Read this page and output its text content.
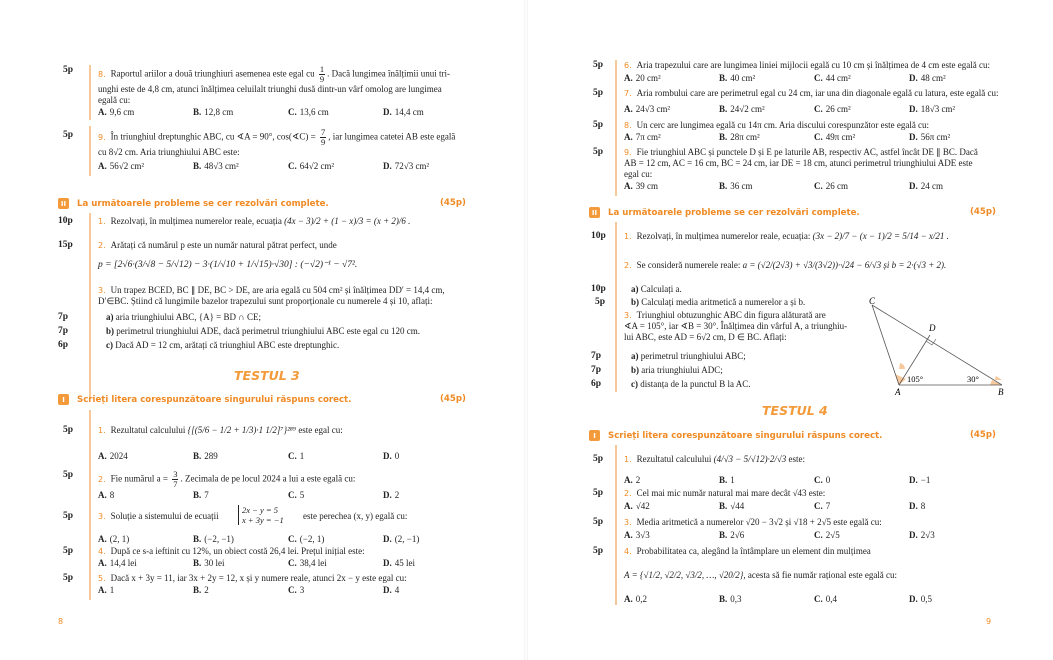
5p	8. Raportul ariilor a două triunghiuri asemenea este egal cu $\frac{1}{9}$ . Dacă lungimea înălțimii unui tri-
unghi este de 4,8 cm, atunci înălțimea celuilalt triunghi dusă dintr-un vârf omolog are lungimea
egală cu:
A. 9,6 cm	B. 12,8 cm	C. 13,6 cm	D. 14,4 cm
5p	9. În triunghiul dreptunghic ABC, cu ∢A = 90°, cos(∢C) = $\frac{7}{9}$ , iar lungimea catetei AB este egală
cu 8√2 cm. Aria triunghiului ABC este:
A. 56√2 cm²	B. 48√3 cm²	C. 64√2 cm²	D. 72√3 cm²
II	La următoarele probleme se cer rezolvări complete.	(45p)
10p	1. Rezolvați, în mulțimea numerelor reale, ecuația (4x − 3)/2 + (1 − x)/3 = (x + 2)/6 .
15p	2. Arătați că numărul p este un număr natural pătrat perfect, unde
p = [2√6·(3/√8 − 5/√12) − 3·(1/√10 + 1/√15)·√30] : (−√2)⁻¹ − √7².
3. Un trapez BCED, BC ∥ DE, BC > DE, are aria egală cu 504 cm² și înălțimea DD′ = 14,4 cm,
D′∈BC. Știind că lungimile bazelor trapezului sunt proporționale cu numerele 4 și 10, aflați:
7p	a) aria triunghiului ABC, {A} = BD ∩ CE;
7p	b) perimetrul triunghiului ADE, dacă perimetrul triunghiului ABC este egal cu 120 cm.
6p	c) Dacă AD = 12 cm, arătați că triunghiul ABC este dreptunghic.
TESTUL 3
I	Scrieți litera corespunzătoare singurului răspuns corect.	(45p)
5p	1. Rezultatul calculului {[(5/6 − 1/2 + 1/3)·1 1/2]⁷}²⁸⁹ este egal cu:
A. 2024	B. 289	C. 1	D. 0
5p	2. Fie numărul $a = \frac{3}{7}$ . Zecimala de pe locul 2024 a lui a este egală cu:
A. 8	B. 7	C. 5	D. 2
5p	3. Soluție a sistemului de ecuații
2x − y = 5
x + 3y = −1 este perechea (x, y) egală cu:
A. (2, 1)	B. (−2, −1)	C. (−2, 1)	D. (2, −1)
5p	4. După ce s-a ieftinit cu 12%, un obiect costă 26,4 lei. Prețul inițial este:
A. 14,4 lei	B. 30 lei	C. 38,4 lei	D. 45 lei
5p	5. Dacă x + 3y = 11, iar 3x + 2y = 12, x și y numere reale, atunci 2x − y este egal cu:
A. 1	B. 2	C. 3	D. 4
8
5p	6. Aria trapezului care are lungimea liniei mijlocii egală cu 10 cm și înălțimea de 4 cm este egală cu:
A. 20 cm²	B. 40 cm²	C. 44 cm²	D. 48 cm²
5p	7. Aria rombului care are perimetrul egal cu 24 cm, iar una din diagonale egală cu latura, este egală cu:
A. 24√3 cm²	B. 24√2 cm²	C. 26 cm²	D. 18√3 cm²
5p	8. Un cerc are lungimea egală cu 14π cm. Aria discului corespunzător este egală cu:
A. 7π cm²	B. 28π cm²	C. 49π cm²	D. 56π cm²
5p	9. Fie triunghiul ABC și punctele D și E pe laturile AB, respectiv AC, astfel încât DE ∥ BC. Dacă
AB = 12 cm, AC = 16 cm, BC = 24 cm, iar DE = 18 cm, atunci perimetrul triunghiului ADE este
egal cu:
A. 39 cm	B. 36 cm	C. 26 cm	D. 24 cm
II	La următoarele probleme se cer rezolvări complete.	(45p)
10p 1. Rezolvați, în mulțimea numerelor reale, ecuația: (3x − 2)/7 − (x − 1)/2 = 5/14 − x/21 .
2. Se consideră numerele reale: a = (√2/(2√3) + √3/(3√2))·√24 − 6/√3 și b = 2·(√3 + 2).
10p	a) Calculați a.
5p	b) Calculați media aritmetică a numerelor a și b.
3. Triunghiul obtuzunghic ABC din figura alăturată are
∢A = 105°, iar ∢B = 30°. Înălțimea din vârful A, a triunghiu-
lui ABC, este AD = 6√2 cm, D ∈ BC. Aflați:
7p	a) perimetrul triunghiului ABC;
7p	b) aria triunghiului ADC;
6p	c) distanța de la punctul B la AC.
C
D
A	B
105°	30°
TESTUL 4
I	Scrieți litera corespunzătoare singurului răspuns corect.	(45p)
5p	1. Rezultatul calculului (4/√3 − 5/√12)·2/√3 este:
A. 2	B. 1	C. 0	D. −1
5p	2. Cel mai mic număr natural mai mare decât √43 este:
A. √42	B. √44	C. 7	D. 8
5p	3. Media aritmetică a numerelor √20 − 3√2 și √18 + 2√5 este egală cu:
A. 3√3	B. 2√6	C. 2√5	D. 2√3
5p	4. Probabilitatea ca, alegând la întâmplare un element din mulțimea
A = {√1/2, √2/2, √3/2, …, √20/2}, acesta să fie număr rațional este egală cu:
A. 0,2	B. 0,3	C. 0,4	D. 0,5
9
